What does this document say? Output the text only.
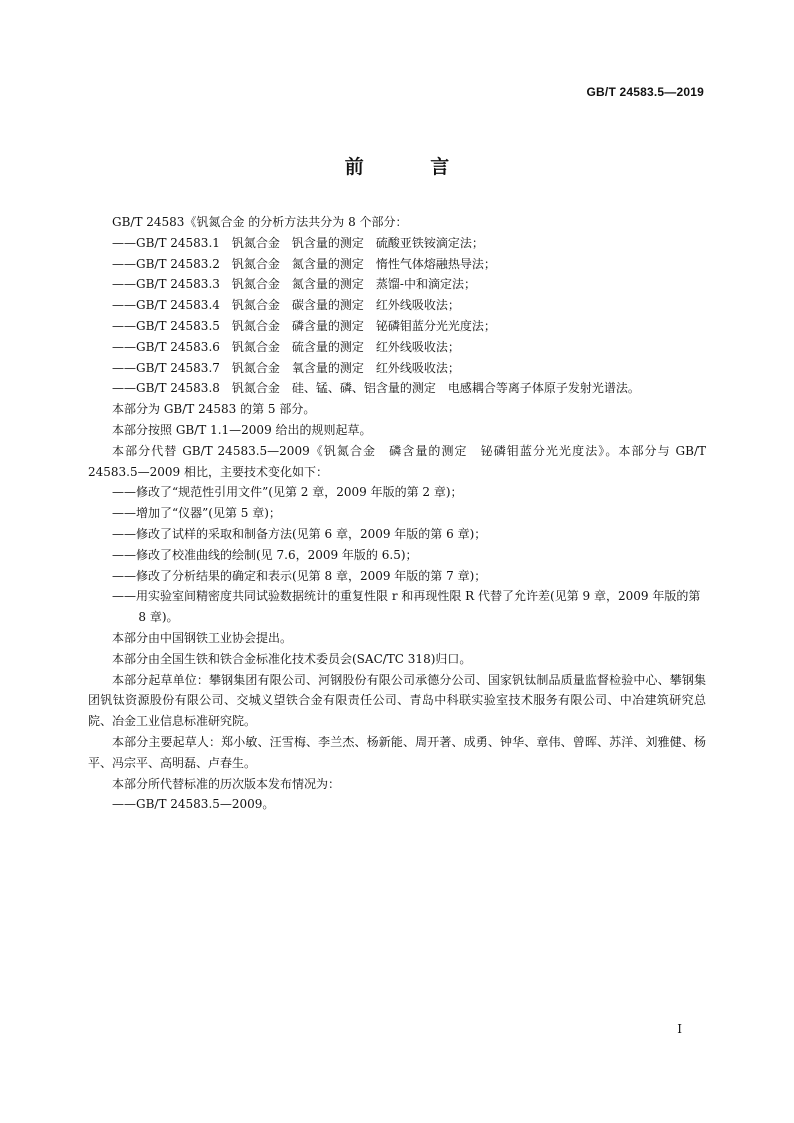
GB/T 24583.5—2019
前 言
GB/T 24583《钒氮合金 的分析方法共分为 8 个部分：
——GB/T 24583.1 钒氮合金 钒含量的测定 硫酸亚铁铵滴定法；
——GB/T 24583.2 钒氮合金 氮含量的测定 惰性气体熔融热导法；
——GB/T 24583.3 钒氮合金 氮含量的测定 蒸馏-中和滴定法；
——GB/T 24583.4 钒氮合金 碳含量的测定 红外线吸收法；
——GB/T 24583.5 钒氮合金 磷含量的测定 铋磷钼蓝分光光度法；
——GB/T 24583.6 钒氮合金 硫含量的测定 红外线吸收法；
——GB/T 24583.7 钒氮合金 氧含量的测定 红外线吸收法；
——GB/T 24583.8 钒氮合金 硅、锰、磷、铝含量的测定 电感耦合等离子体原子发射光谱法。
本部分为 GB/T 24583 的第 5 部分。
本部分按照 GB/T 1.1—2009 给出的规则起草。
本部分代替 GB/T 24583.5—2009《钒氮合金　磷含量的测定　铋磷钼蓝分光光度法》。本部分与 GB/T 24583.5—2009 相比，主要技术变化如下：
——修改了“规范性引用文件”(见第 2 章，2009 年版的第 2 章)；
——增加了“仪器”(见第 5 章)；
——修改了试样的采取和制备方法(见第 6 章，2009 年版的第 6 章)；
——修改了校准曲线的绘制(见 7.6，2009 年版的 6.5)；
——修改了分析结果的确定和表示(见第 8 章，2009 年版的第 7 章)；
——用实验室间精密度共同试验数据统计的重复性限 r 和再现性限 R 代替了允许差(见第 9 章，2009 年版的第 8 章)。
本部分由中国钢铁工业协会提出。
本部分由全国生铁和铁合金标准化技术委员会(SAC/TC 318)归口。
本部分起草单位：攀钢集团有限公司、河钢股份有限公司承德分公司、国家钒钛制品质量监督检验中心、攀钢集团钒钛资源股份有限公司、交城义望铁合金有限责任公司、青岛中科联实验室技术服务有限公司、中冶建筑研究总院、冶金工业信息标准研究院。
本部分主要起草人：郑小敏、汪雪梅、李兰杰、杨新能、周开著、成勇、钟华、章伟、曾晖、苏洋、刘雅健、杨平、冯宗平、高明磊、卢春生。
本部分所代替标准的历次版本发布情况为：
——GB/T 24583.5—2009。
I
